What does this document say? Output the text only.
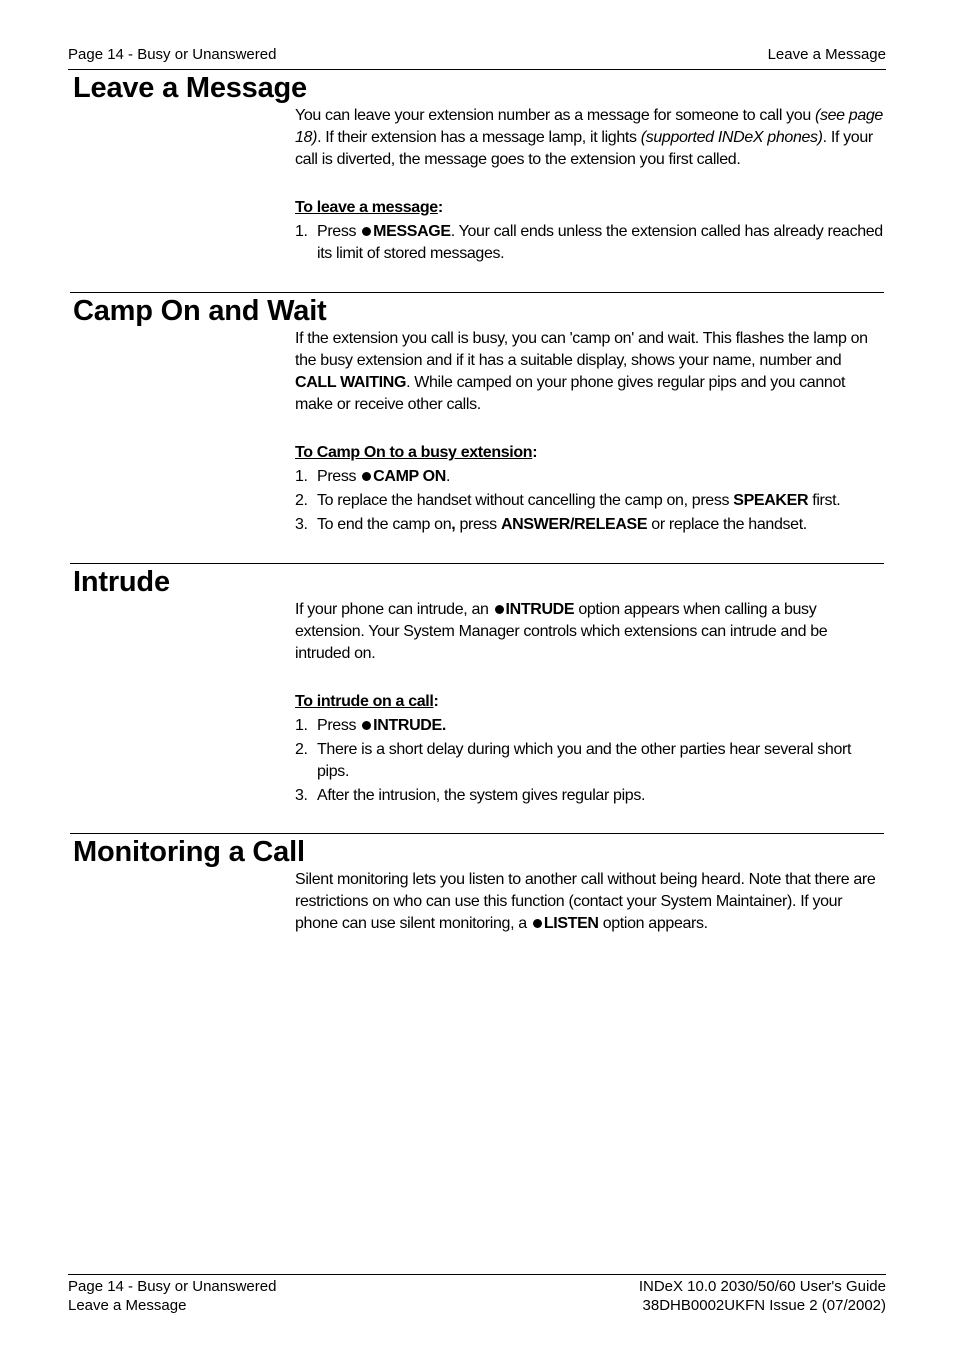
Page 14 - Busy or Unanswered	Leave a Message
Leave a Message

You can leave your extension number as a message for someone to call you (see page 18). If their extension has a message lamp, it lights (supported INDeX phones). If your call is diverted, the message goes to the extension you first called.

To leave a message:

1. Press MESSAGE. Your call ends unless the extension called has already reached its limit of stored messages.
Camp On and Wait

If the extension you call is busy, you can 'camp on' and wait. This flashes the lamp on the busy extension and if it has a suitable display, shows your name, number and CALL WAITING. While camped on your phone gives regular pips and you cannot make or receive other calls.

To Camp On to a busy extension:

1. Press CAMP ON.
2. To replace the handset without cancelling the camp on, press SPEAKER first.
3. To end the camp on, press ANSWER/RELEASE or replace the handset.
Intrude

If your phone can intrude, an INTRUDE option appears when calling a busy extension. Your System Manager controls which extensions can intrude and be intruded on.

To intrude on a call:

1. Press INTRUDE.
2. There is a short delay during which you and the other parties hear several short pips.
3. After the intrusion, the system gives regular pips.
Monitoring a Call

Silent monitoring lets you listen to another call without being heard. Note that there are restrictions on who can use this function (contact your System Maintainer). If your phone can use silent monitoring, a LISTEN option appears.

Page 14 - Busy or Unanswered
Leave a Message
INDeX 10.0 2030/50/60 User's Guide
38DHB0002UKFN Issue 2 (07/2002)
